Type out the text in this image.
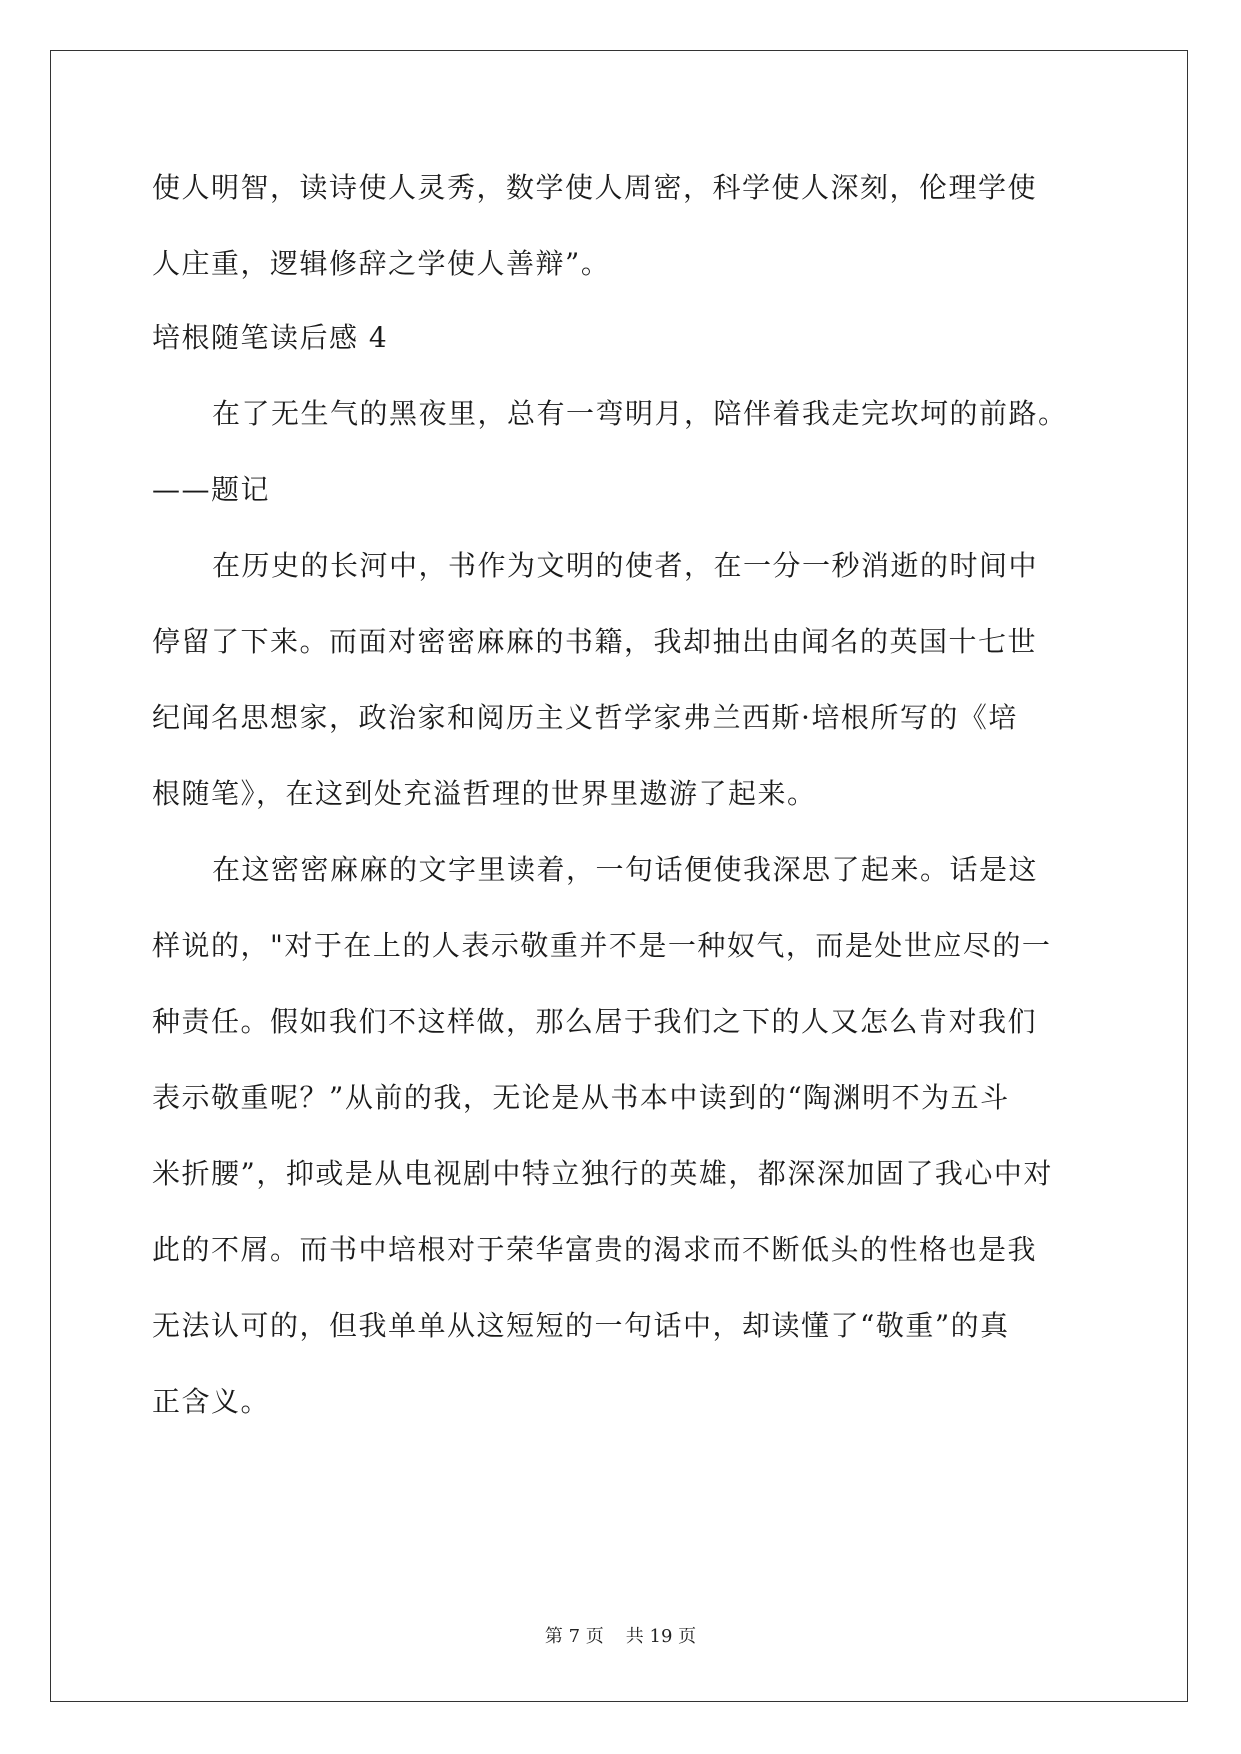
使人明智，读诗使人灵秀，数学使人周密，科学使人深刻，伦理学使
人庄重，逻辑修辞之学使人善辩”。
培根随笔读后感 4
在了无生气的黑夜里，总有一弯明月，陪伴着我走完坎坷的前路。
——题记
在历史的长河中，书作为文明的使者，在一分一秒消逝的时间中
停留了下来。而面对密密麻麻的书籍，我却抽出由闻名的英国十七世
纪闻名思想家，政治家和阅历主义哲学家弗兰西斯·培根所写的《培
根随笔》，在这到处充溢哲理的世界里遨游了起来。
在这密密麻麻的文字里读着，一句话便使我深思了起来。话是这
样说的，"对于在上的人表示敬重并不是一种奴气，而是处世应尽的一
种责任。假如我们不这样做，那么居于我们之下的人又怎么肯对我们
表示敬重呢？”从前的我，无论是从书本中读到的“陶渊明不为五斗
米折腰”，抑或是从电视剧中特立独行的英雄，都深深加固了我心中对
此的不屑。而书中培根对于荣华富贵的渴求而不断低头的性格也是我
无法认可的，但我单单从这短短的一句话中，却读懂了“敬重”的真
正含义。
第 7 页 共 19 页
